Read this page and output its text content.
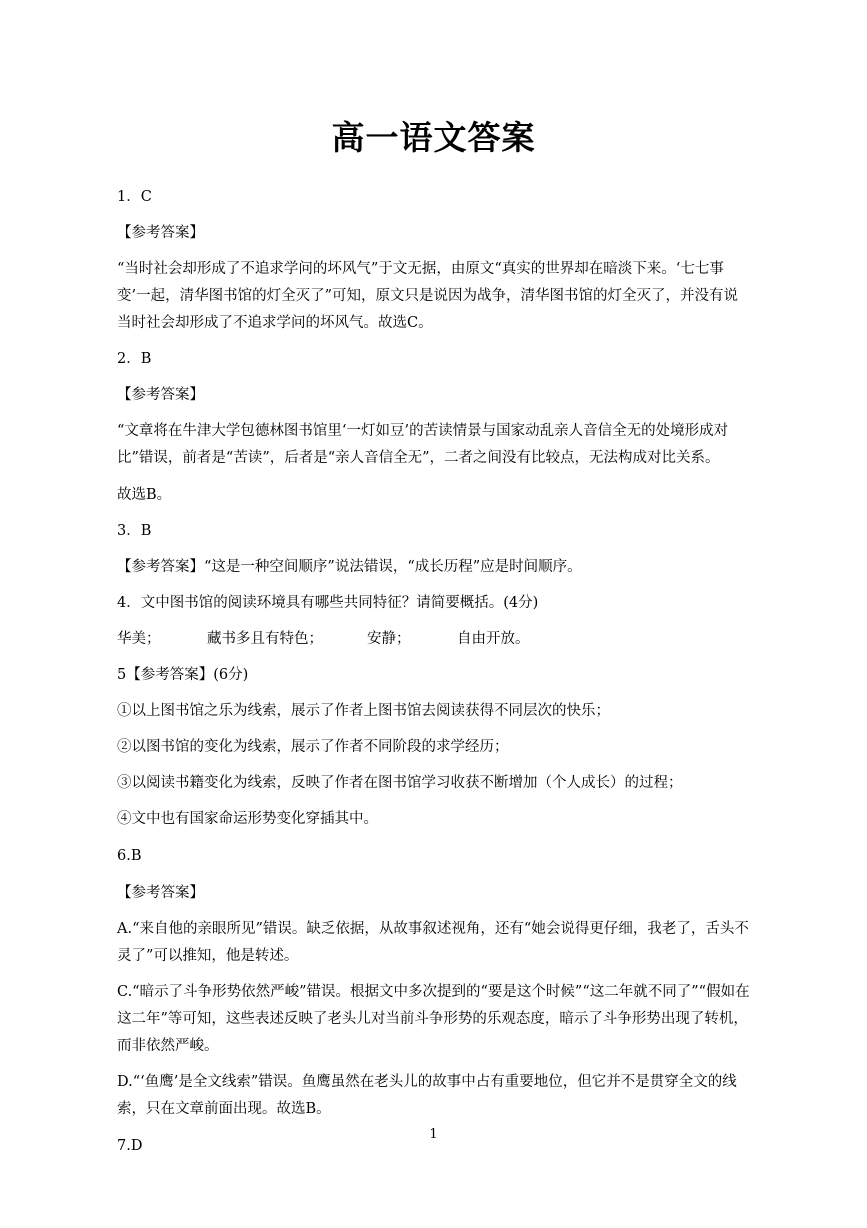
高一语文答案

1．C

【参考答案】

“当时社会却形成了不追求学问的坏风气”于文无据，由原文“真实的世界却在暗淡下来。‘七七事变’一起，清华图书馆的灯全灭了”可知，原文只是说因为战争，清华图书馆的灯全灭了，并没有说当时社会却形成了不追求学问的坏风气。故选C。

2．B

【参考答案】

“文章将在牛津大学包德林图书馆里‘一灯如豆’的苦读情景与国家动乱亲人音信全无的处境形成对比”错误，前者是“苦读”，后者是“亲人音信全无”，二者之间没有比较点，无法构成对比关系。

故选B。

3．B

【参考答案】“这是一种空间顺序”说法错误，“成长历程”应是时间顺序。

4．文中图书馆的阅读环境具有哪些共同特征？请简要概括。(4分)

华美；	藏书多且有特色；	安静；	自由开放。

5【参考答案】(6分)

①以上图书馆之乐为线索，展示了作者上图书馆去阅读获得不同层次的快乐；

②以图书馆的变化为线索，展示了作者不同阶段的求学经历；

③以阅读书籍变化为线索，反映了作者在图书馆学习收获不断增加（个人成长）的过程；

④文中也有国家命运形势变化穿插其中。

6.B

【参考答案】

A.“来自他的亲眼所见”错误。缺乏依据，从故事叙述视角，还有“她会说得更仔细，我老了，舌头不灵了”可以推知，他是转述。

C.“暗示了斗争形势依然严峻”错误。根据文中多次提到的“要是这个时候”“这二年就不同了”“假如在这二年”等可知，这些表述反映了老头儿对当前斗争形势的乐观态度，暗示了斗争形势出现了转机，而非依然严峻。

D.“‘鱼鹰’是全文线索”错误。鱼鹰虽然在老头儿的故事中占有重要地位，但它并不是贯穿全文的线索，只在文章前面出现。故选B。

7.D

1
